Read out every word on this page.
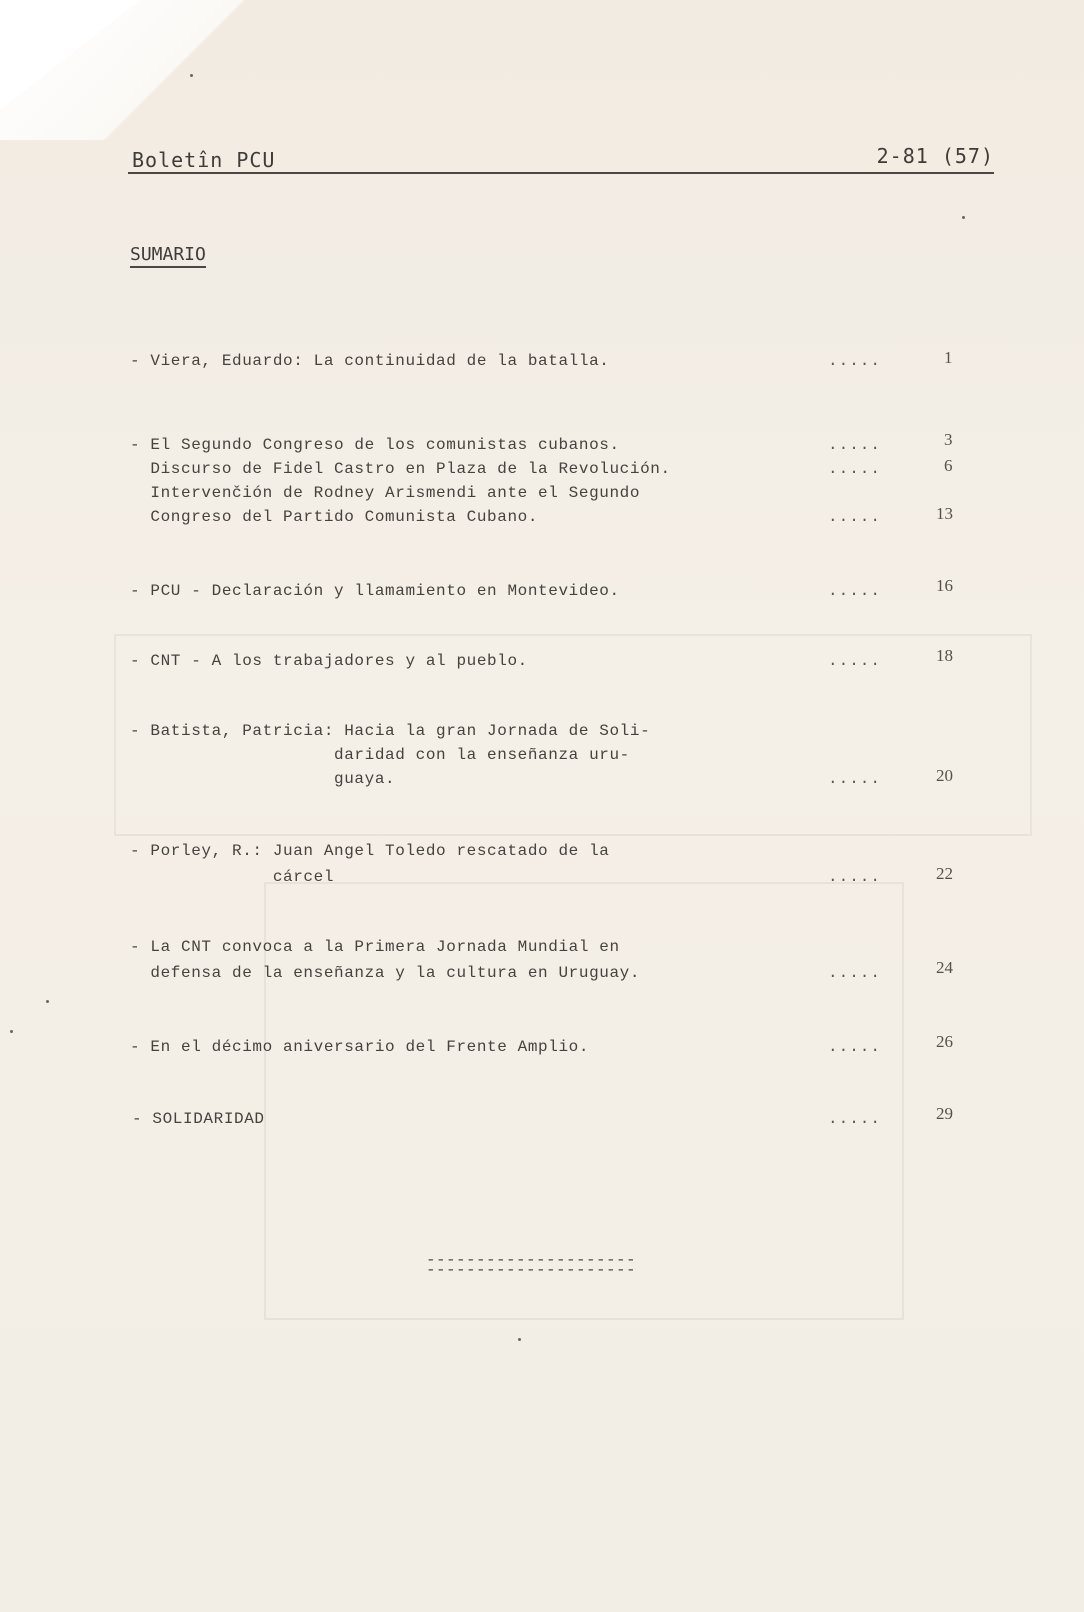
Boletîn PCU	2-81 (57)
SUMARIO
- Viera, Eduardo: La continuidad de la batalla.	.....	1
- El Segundo Congreso de los comunistas cubanos.	.....	3
Discurso de Fidel Castro en Plaza de la Revolución.	.....	6
Intervenčión de Rodney Arismendi ante el Segundo
Congreso del Partido Comunista Cubano.	.....	13
- PCU - Declaración y llamamiento en Montevideo.	.....	16
- CNT - A los trabajadores y al pueblo.	.....	18
- Batista, Patricia: Hacia la gran Jornada de Soli-
daridad con la enseñanza uru-
guaya.	.....	20
- Porley, R.: Juan Angel Toledo rescatado de la
cárcel	.....	22
- La CNT convoca a la Primera Jornada Mundial en
defensa de la enseñanza y la cultura en Uruguay.	.....	24
- En el décimo aniversario del Frente Amplio.	.....	26
- SOLIDARIDAD	.....	29
---------------------
---------------------
